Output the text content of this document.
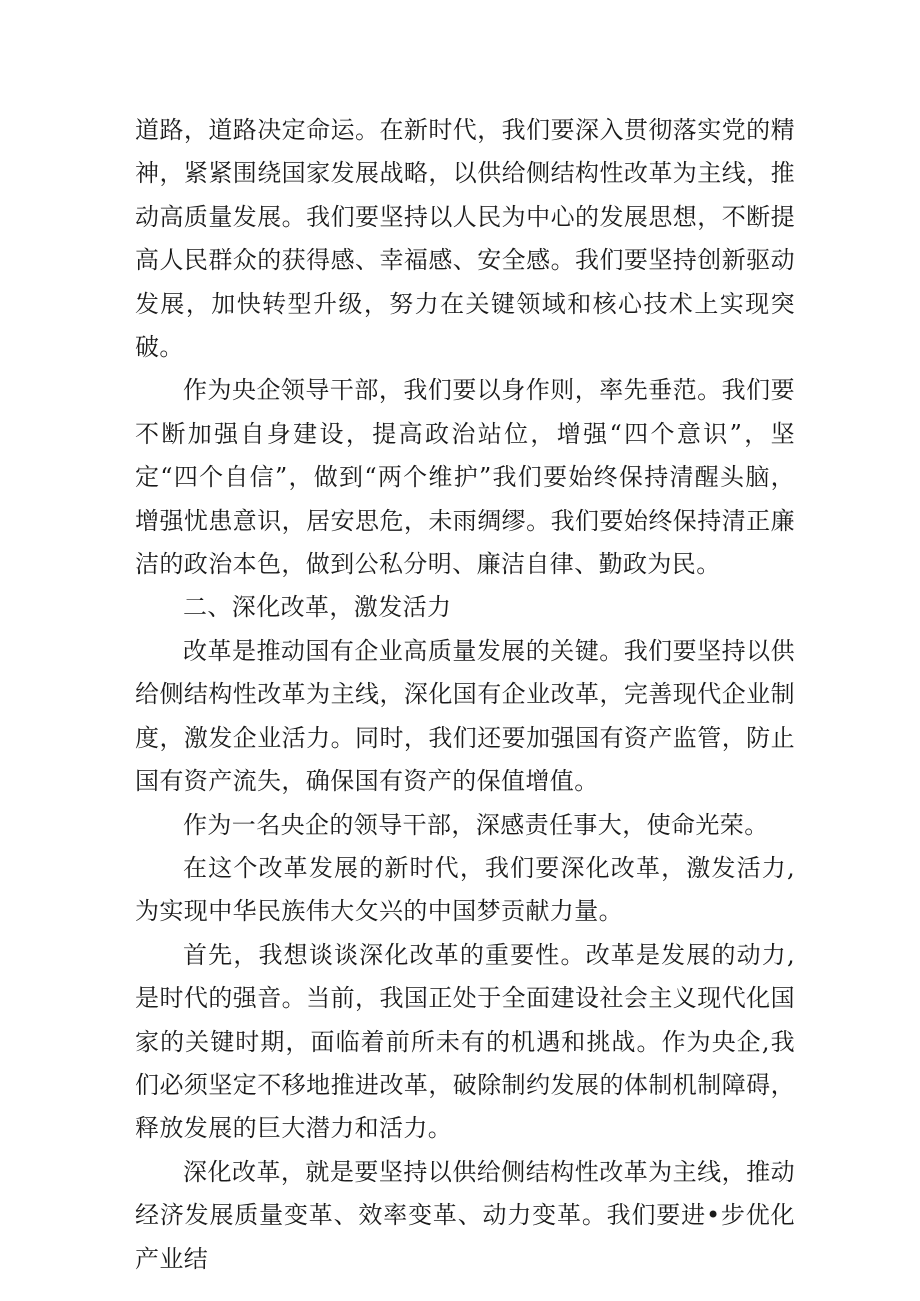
道路，道路决定命运。在新时代，我们要深入贯彻落实党的精神，紧紧围绕国家发展战略，以供给侧结构性改革为主线，推动高质量发展。我们要坚持以人民为中心的发展思想，不断提高人民群众的获得感、幸福感、安全感。我们要坚持创新驱动发展，加快转型升级，努力在关键领域和核心技术上实现突破。

作为央企领导干部，我们要以身作则，率先垂范。我们要不断加强自身建设，提高政治站位，增强“四个意识”，坚定“四个自信”，做到“两个维护”我们要始终保持清醒头脑，增强忧患意识，居安思危，未雨绸缪。我们要始终保持清正廉洁的政治本色，做到公私分明、廉洁自律、勤政为民。

二、深化改革，激发活力

改革是推动国有企业高质量发展的关键。我们要坚持以供给侧结构性改革为主线，深化国有企业改革，完善现代企业制度，激发企业活力。同时，我们还要加强国有资产监管，防止国有资产流失，确保国有资产的保值增值。

作为一名央企的领导干部，深感责任事大，使命光荣。

在这个改革发展的新时代，我们要深化改革，激发活力,为实现中华民族伟大攵兴的中国梦贡献力量。

首先，我想谈谈深化改革的重要性。改革是发展的动力,是时代的强音。当前，我国正处于全面建设社会主义现代化国家的关键时期，面临着前所未有的机遇和挑战。作为央企,我们必须坚定不移地推进改革，破除制约发展的体制机制障碍，释放发展的巨大潜力和活力。

深化改革，就是要坚持以供给侧结构性改革为主线，推动经济发展质量变革、效率变革、动力变革。我们要进•步优化产业结
